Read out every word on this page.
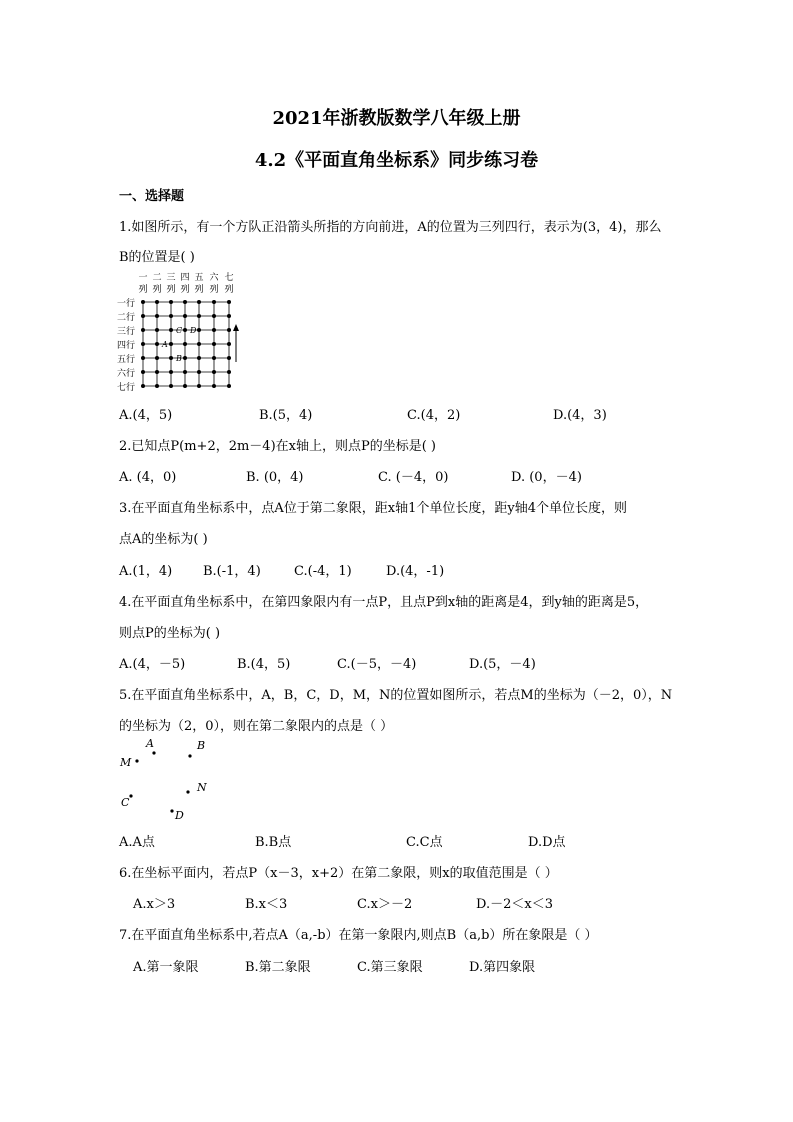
2021年浙教版数学八年级上册
4.2《平面直角坐标系》同步练习卷
一、选择题
1.如图所示，有一个方队正沿箭头所指的方向前进，A的位置为三列四行，表示为(3，4)，那么
B的位置是( )
一
列
二
列
三
列
四
列
五
列
六
列
七
列
一行
二行
三行
四行
五行
六行
七行
C D
A
B
A.(4，5)	B.(5，4)	C.(4，2)	D.(4，3)
2.已知点P(m+2，2m－4)在x轴上，则点P的坐标是( )
A. (4，0)	B. (0，4)	C. (－4，0)	D. (0，－4)
3.在平面直角坐标系中，点A位于第二象限，距x轴1个单位长度，距y轴4个单位长度，则
点A的坐标为( )
A.(1，4) B.(-1，4)	C.(-4，1)	D.(4，-1)
4.在平面直角坐标系中，在第四象限内有一点P，且点P到x轴的距离是4，到y轴的距离是5，
则点P的坐标为( )
A.(4，－5)	B.(4，5)	C.(－5，－4)	D.(5，－4)
5.在平面直角坐标系中，A，B，C，D，M，N的位置如图所示，若点M的坐标为（－2，0），N
的坐标为（2，0），则在第二象限内的点是（ ）
A	B
M
N
C
D
A.A点	B.B点	C.C点	D.D点
6.在坐标平面内，若点P（x－3，x+2）在第二象限，则x的取值范围是（ ）
A.x＞3	B.x＜3	C.x＞－2	D.－2＜x＜3
7.在平面直角坐标系中,若点A（a,-b）在第一象限内,则点B（a,b）所在象限是（ ）
A.第一象限	B.第二象限	C.第三象限	D.第四象限
